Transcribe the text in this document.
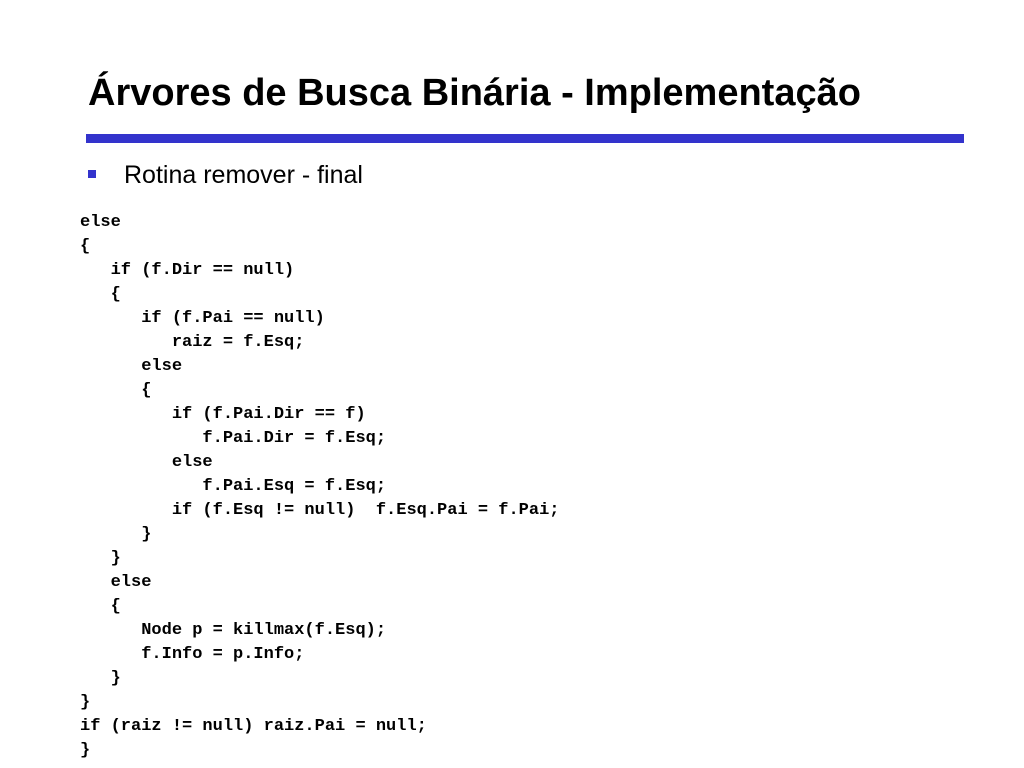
Árvores de Busca Binária - Implementação
Rotina remover - final
else
{
if (f.Dir == null)
{
if (f.Pai == null)
raiz = f.Esq;
else
{
if (f.Pai.Dir == f)
f.Pai.Dir = f.Esq;
else
f.Pai.Esq = f.Esq;
if (f.Esq != null)  f.Esq.Pai = f.Pai;
}
}
else
{
Node p = killmax(f.Esq);
f.Info = p.Info;
}
}
if (raiz != null) raiz.Pai = null;
}
